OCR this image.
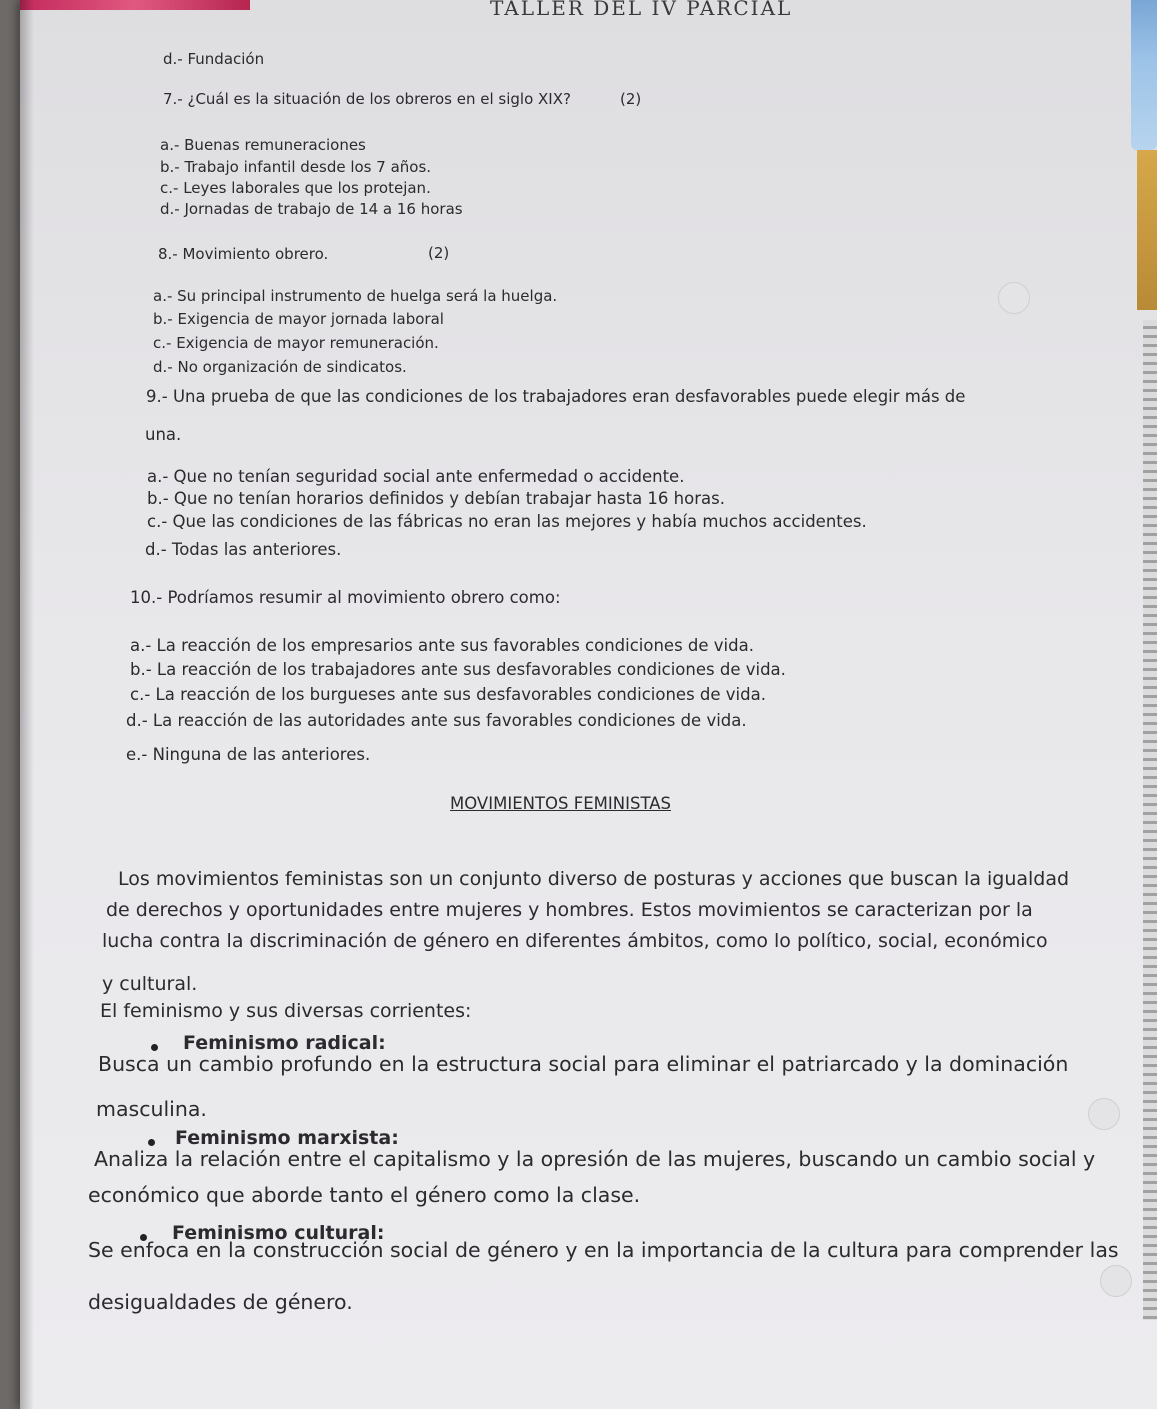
TALLER DEL IV PARCIAL
d.- Fundación
7.- ¿Cuál es la situación de los obreros en el siglo XIX?	(2)
a.- Buenas remuneraciones
b.- Trabajo infantil desde los 7 años.
c.- Leyes laborales que los protejan.
d.- Jornadas de trabajo de 14 a 16 horas
8.- Movimiento obrero.	(2)
a.- Su principal instrumento de huelga será la huelga.
b.- Exigencia de mayor jornada laboral
c.- Exigencia de mayor remuneración.
d.- No organización de sindicatos.
9.- Una prueba de que las condiciones de los trabajadores eran desfavorables puede elegir más de
una.
a.- Que no tenían seguridad social ante enfermedad o accidente.
b.- Que no tenían horarios definidos y debían trabajar hasta 16 horas.
c.- Que las condiciones de las fábricas no eran las mejores y había muchos accidentes.
d.- Todas las anteriores.
10.- Podríamos resumir al movimiento obrero como:
a.- La reacción de los empresarios ante sus favorables condiciones de vida.
b.- La reacción de los trabajadores ante sus desfavorables condiciones de vida.
c.- La reacción de los burgueses ante sus desfavorables condiciones de vida.
d.- La reacción de las autoridades ante sus favorables condiciones de vida.
e.- Ninguna de las anteriores.
MOVIMIENTOS FEMINISTAS
Los movimientos feministas son un conjunto diverso de posturas y acciones que buscan la igualdad
de derechos y oportunidades entre mujeres y hombres. Estos movimientos se caracterizan por la
lucha contra la discriminación de género en diferentes ámbitos, como lo político, social, económico
y cultural.
El feminismo y sus diversas corrientes:
Feminismo radical:
Busca un cambio profundo en la estructura social para eliminar el patriarcado y la dominación
masculina.
Feminismo marxista:
Analiza la relación entre el capitalismo y la opresión de las mujeres, buscando un cambio social y
económico que aborde tanto el género como la clase.
Feminismo cultural:
Se enfoca en la construcción social de género y en la importancia de la cultura para comprender las
desigualdades de género.
